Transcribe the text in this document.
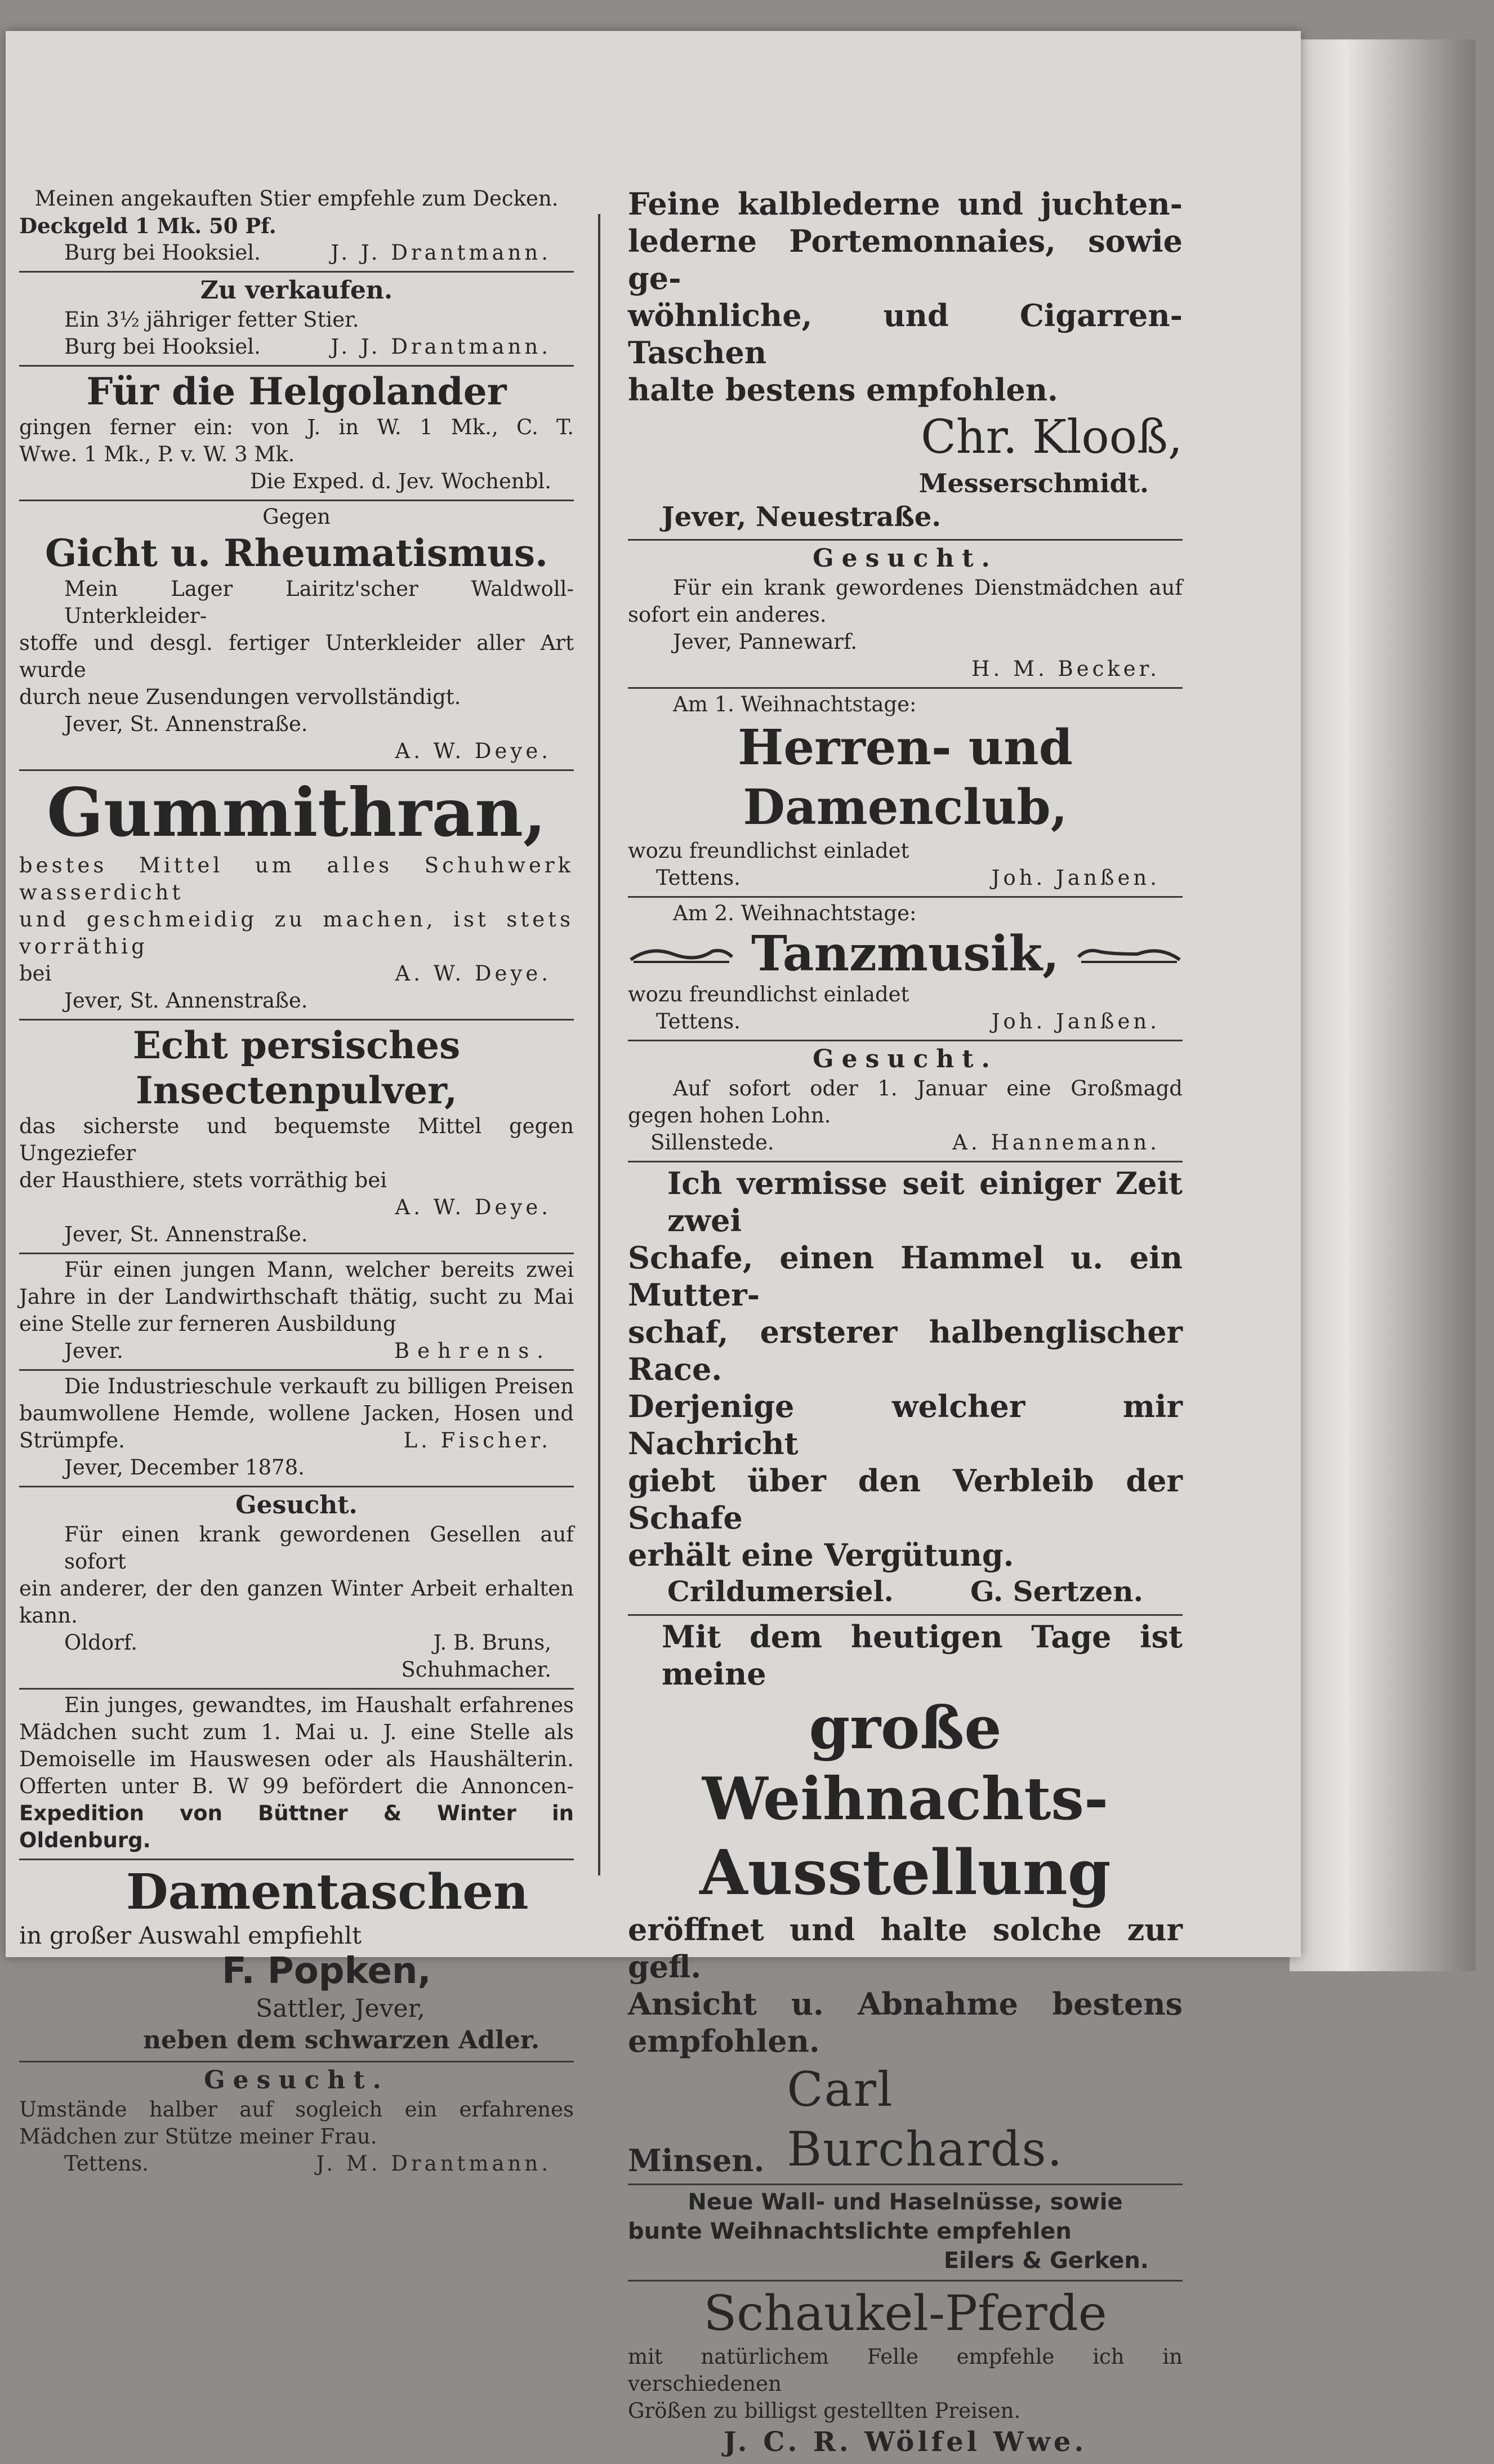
Meinen angekauften Stier empfehle zum Decken.

Deckgeld 1 Mk. 50 Pf.

Burg bei Hooksiel.	J. J. Drantmann.

Zu verkaufen.

Ein 3½ jähriger fetter Stier.

Burg bei Hooksiel.	J. J. Drantmann.

Für die Helgolander

gingen ferner ein: von J. in W. 1 Mk., C. T.

Wwe. 1 Mk., P. v. W. 3 Mk.

Die Exped. d. Jev. Wochenbl.

Gegen

Gicht u. Rheumatismus.

Mein Lager Lairitz'scher Waldwoll-Unterkleider-

stoffe und desgl. fertiger Unterkleider aller Art wurde

durch neue Zusendungen vervollständigt.

Jever, St. Annenstraße.

A. W. Deye.

Gummithran,

bestes Mittel um alles Schuhwerk wasserdicht

und geschmeidig zu machen, ist stets vorräthig

bei	A. W. Deye.

Jever, St. Annenstraße.

Echt persisches Insectenpulver,

das sicherste und bequemste Mittel gegen Ungeziefer

der Hausthiere, stets vorräthig bei

A. W. Deye.

Jever, St. Annenstraße.

Für einen jungen Mann, welcher bereits zwei

Jahre in der Landwirthschaft thätig, sucht zu Mai

eine Stelle zur ferneren Ausbildung

Jever.	Behrens.

Die Industrieschule verkauft zu billigen Preisen

baumwollene Hemde, wollene Jacken, Hosen und

Strümpfe.	L. Fischer.

Jever, December 1878.

Gesucht.

Für einen krank gewordenen Gesellen auf sofort

ein anderer, der den ganzen Winter Arbeit erhalten

kann.

Oldorf.	J. B. Bruns,

Schuhmacher.

Ein junges, gewandtes, im Haushalt erfahrenes

Mädchen sucht zum 1. Mai u. J. eine Stelle als

Demoiselle im Hauswesen oder als Haushälterin.

Offerten unter B. W 99 befördert die Annoncen-

Expedition von Büttner & Winter in

Oldenburg.

Damentaschen

in großer Auswahl empfiehlt

F. Popken,

Sattler, Jever,

neben dem schwarzen Adler.

Gesucht.

Umstände halber auf sogleich ein erfahrenes

Mädchen zur Stütze meiner Frau.

Tettens.	J. M. Drantmann.

Feine kalblederne und juchten-

lederne Portemonnaies, sowie ge-

wöhnliche, und Cigarren-Taschen

halte bestens empfohlen.

Chr. Klooß,

Messerschmidt.

Jever, Neuestraße.

Gesucht.

Für ein krank gewordenes Dienstmädchen auf

sofort ein anderes.

Jever, Pannewarf.

H. M. Becker.

Am 1. Weihnachtstage:

Herren- und Damenclub,

wozu freundlichst einladet

Tettens.	Joh. Janßen.

Am 2. Weihnachtstage:

Tanzmusik,

wozu freundlichst einladet

Tettens.	Joh. Janßen.

Gesucht.

Auf sofort oder 1. Januar eine Großmagd

gegen hohen Lohn.

Sillenstede.	A. Hannemann.

Ich vermisse seit einiger Zeit zwei

Schafe, einen Hammel u. ein Mutter-

schaf, ersterer halbenglischer Race.

Derjenige welcher mir Nachricht

giebt über den Verbleib der Schafe

erhält eine Vergütung.

Crildumersiel.	G. Sertzen.

Mit dem heutigen Tage ist meine

große Weihnachts-

Ausstellung

eröffnet und halte solche zur gefl.

Ansicht u. Abnahme bestens empfohlen.

Minsen.
Carl Burchards.

Neue Wall- und Haselnüsse, sowie

bunte Weihnachtslichte empfehlen

Eilers & Gerken.

Schaukel-Pferde

mit natürlichem Felle empfehle ich in verschiedenen

Größen zu billigst gestellten Preisen.

J. C. R. Wölfel Wwe.
